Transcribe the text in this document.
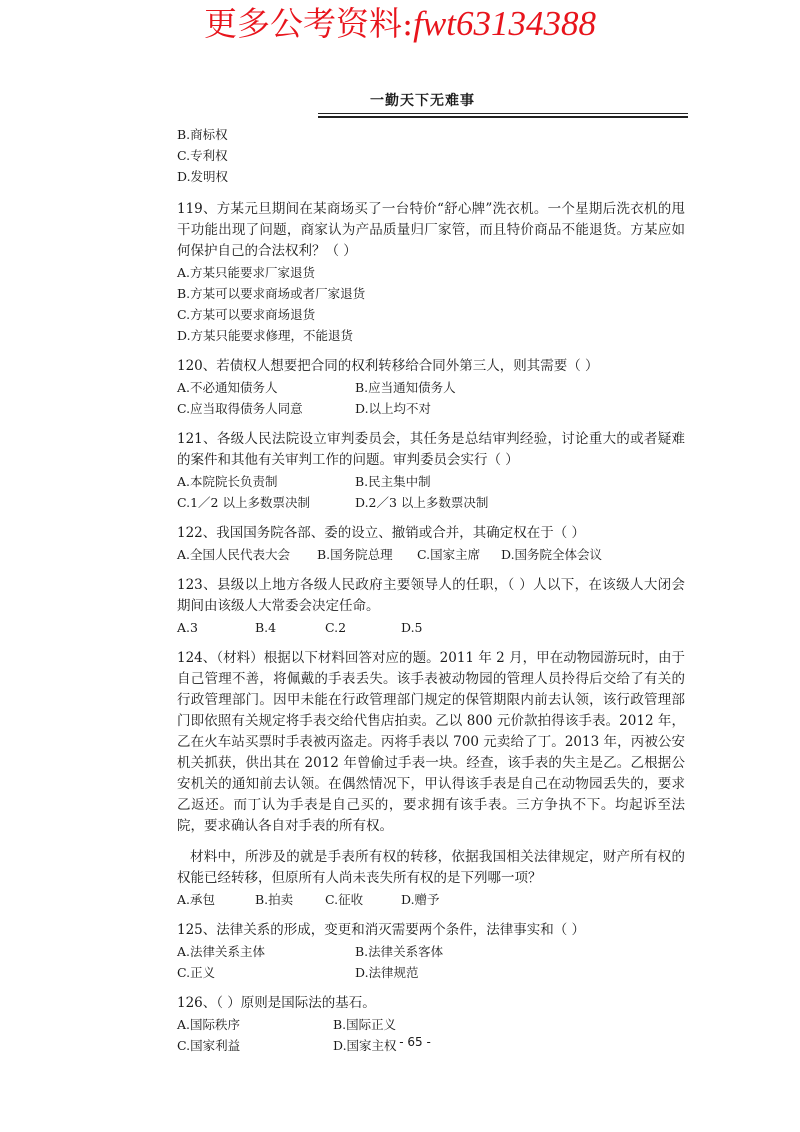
更多公考资料:fwt63134388
一勤天下无难事
B.商标权
C.专利权
D.发明权
119、方某元旦期间在某商场买了一台特价“舒心牌”洗衣机。一个星期后洗衣机的甩干功能出现了问题，商家认为产品质量归厂家管，而且特价商品不能退货。方某应如何保护自己的合法权利？（ ）
A.方某只能要求厂家退货
B.方某可以要求商场或者厂家退货
C.方某可以要求商场退货
D.方某只能要求修理，不能退货
120、若债权人想要把合同的权利转移给合同外第三人，则其需要（ ）
A.不必通知债务人	B.应当通知债务人
C.应当取得债务人同意	D.以上均不对
121、各级人民法院设立审判委员会，其任务是总结审判经验，讨论重大的或者疑难的案件和其他有关审判工作的问题。审判委员会实行（ ）
A.本院院长负责制	B.民主集中制
C.1／2 以上多数票决制	D.2／3 以上多数票决制
122、我国国务院各部、委的设立、撤销或合并，其确定权在于（ ）
A.全国人民代表大会	B.国务院总理	C.国家主席	D.国务院全体会议
123、县级以上地方各级人民政府主要领导人的任职，（ ）人以下，在该级人大闭会期间由该级人大常委会决定任命。
A.3	B.4	C.2	D.5
124、（材料）根据以下材料回答对应的题。2011 年 2 月，甲在动物园游玩时，由于自己管理不善，将佩戴的手表丢失。该手表被动物园的管理人员拎得后交给了有关的行政管理部门。因甲未能在行政管理部门规定的保管期限内前去认领，该行政管理部门即依照有关规定将手表交给代售店拍卖。乙以 800 元价款拍得该手表。2012 年，乙在火车站买票时手表被丙盗走。丙将手表以 700 元卖给了丁。2013 年，丙被公安机关抓获，供出其在 2012 年曾偷过手表一块。经查，该手表的失主是乙。乙根据公安机关的通知前去认领。在偶然情况下，甲认得该手表是自己在动物园丢失的，要求乙返还。而丁认为手表是自己买的，要求拥有该手表。三方争执不下。均起诉至法院，要求确认各自对手表的所有权。
材料中，所涉及的就是手表所有权的转移，依据我国相关法律规定，财产所有权的权能已经转移，但原所有人尚未丧失所有权的是下列哪一项？
A.承包	B.拍卖	C.征收	D.赠予
125、法律关系的形成，变更和消灭需要两个条件，法律事实和（ ）
A.法律关系主体	B.法律关系客体
C.正义	D.法律规范
126、（ ）原则是国际法的基石。
A.国际秩序	B.国际正义
C.国家利益	D.国家主权 - 65 -
